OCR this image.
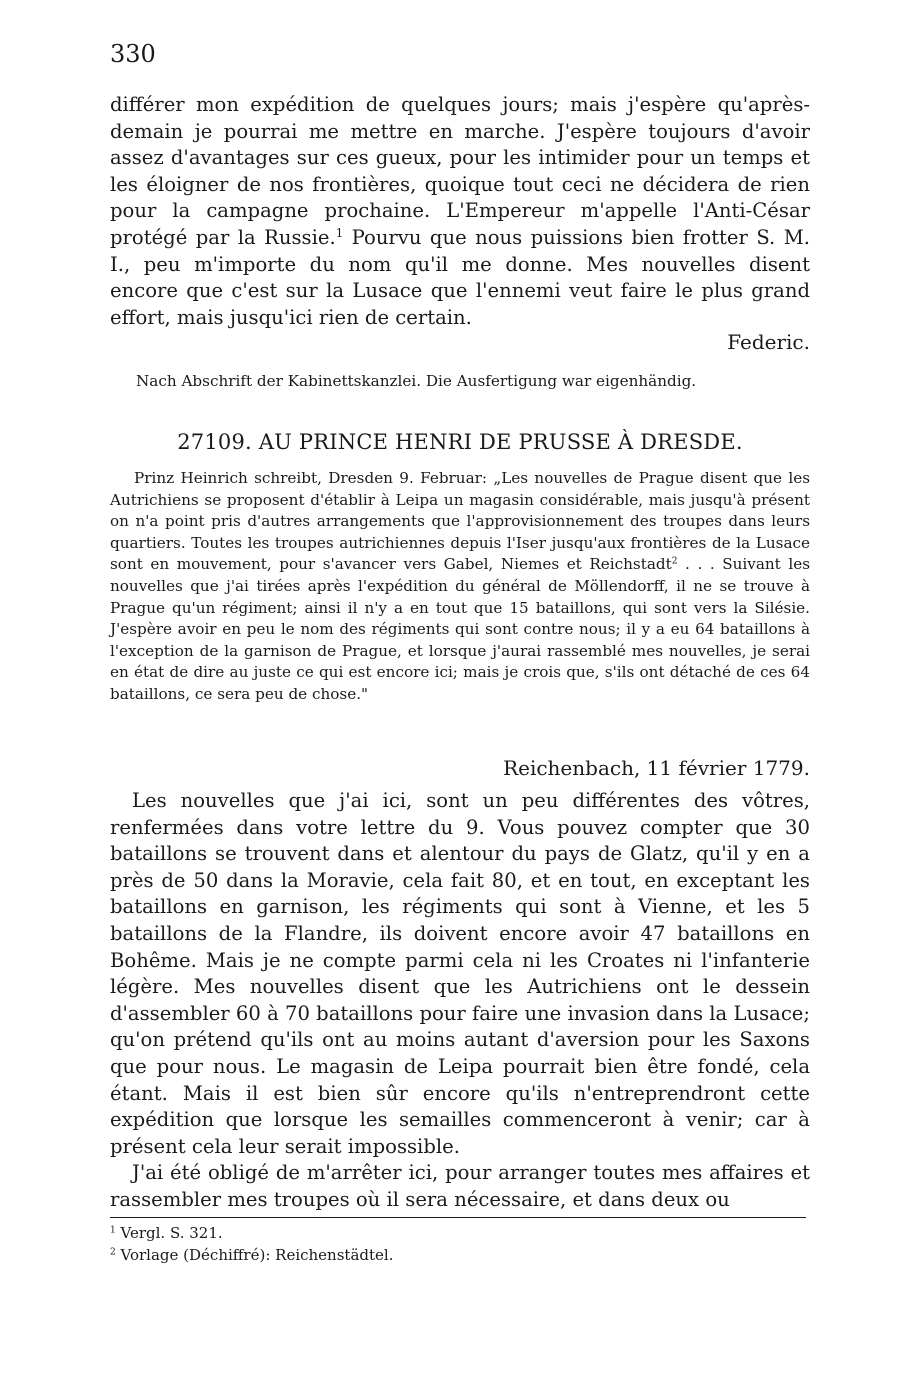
330

différer mon expédition de quelques jours; mais j'espère qu'après-demain je pourrai me mettre en marche. J'espère toujours d'avoir assez d'avantages sur ces gueux, pour les intimider pour un temps et les éloigner de nos frontières, quoique tout ceci ne décidera de rien pour la campagne prochaine. L'Empereur m'appelle l'Anti-César protégé par la Russie.$^1$ Pourvu que nous puissions bien frotter S. M. I., peu m'importe du nom qu'il me donne. Mes nouvelles disent encore que c'est sur la Lusace que l'ennemi veut faire le plus grand effort, mais jusqu'ici rien de certain.

Federic.
Nach Abschrift der Kabinettskanzlei. Die Ausfertigung war eigenhändig.
27109. AU PRINCE HENRI DE PRUSSE À DRESDE.

Prinz Heinrich schreibt, Dresden 9. Februar: „Les nouvelles de Prague disent que les Autrichiens se proposent d'établir à Leipa un magasin considérable, mais jusqu'à présent on n'a point pris d'autres arrangements que l'approvisionnement des troupes dans leurs quartiers. Toutes les troupes autrichiennes depuis l'Iser jusqu'aux frontières de la Lusace sont en mouvement, pour s'avancer vers Gabel, Niemes et Reichstadt$^2$ . . . Suivant les nouvelles que j'ai tirées après l'expédition du général de Möllendorff, il ne se trouve à Prague qu'un régiment; ainsi il n'y a en tout que 15 bataillons, qui sont vers la Silésie. J'espère avoir en peu le nom des régiments qui sont contre nous; il y a eu 64 bataillons à l'exception de la garnison de Prague, et lorsque j'aurai rassemblé mes nouvelles, je serai en état de dire au juste ce qui est encore ici; mais je crois que, s'ils ont détaché de ces 64 bataillons, ce sera peu de chose."

Reichenbach, 11 février 1779.

Les nouvelles que j'ai ici, sont un peu différentes des vôtres, renfermées dans votre lettre du 9. Vous pouvez compter que 30 bataillons se trouvent dans et alentour du pays de Glatz, qu'il y en a près de 50 dans la Moravie, cela fait 80, et en tout, en exceptant les bataillons en garnison, les régiments qui sont à Vienne, et les 5 bataillons de la Flandre, ils doivent encore avoir 47 bataillons en Bohême. Mais je ne compte parmi cela ni les Croates ni l'infanterie légère. Mes nouvelles disent que les Autrichiens ont le dessein d'assembler 60 à 70 bataillons pour faire une invasion dans la Lusace; qu'on prétend qu'ils ont au moins autant d'aversion pour les Saxons que pour nous. Le magasin de Leipa pourrait bien être fondé, cela étant. Mais il est bien sûr encore qu'ils n'entreprendront cette expédition que lorsque les semailles commenceront à venir; car à présent cela leur serait impossible.

J'ai été obligé de m'arrêter ici, pour arranger toutes mes affaires et rassembler mes troupes où il sera nécessaire, et dans deux ou

$^1$ Vergl. S. 321.
$^2$ Vorlage (Déchiffré): Reichenstädtel.
